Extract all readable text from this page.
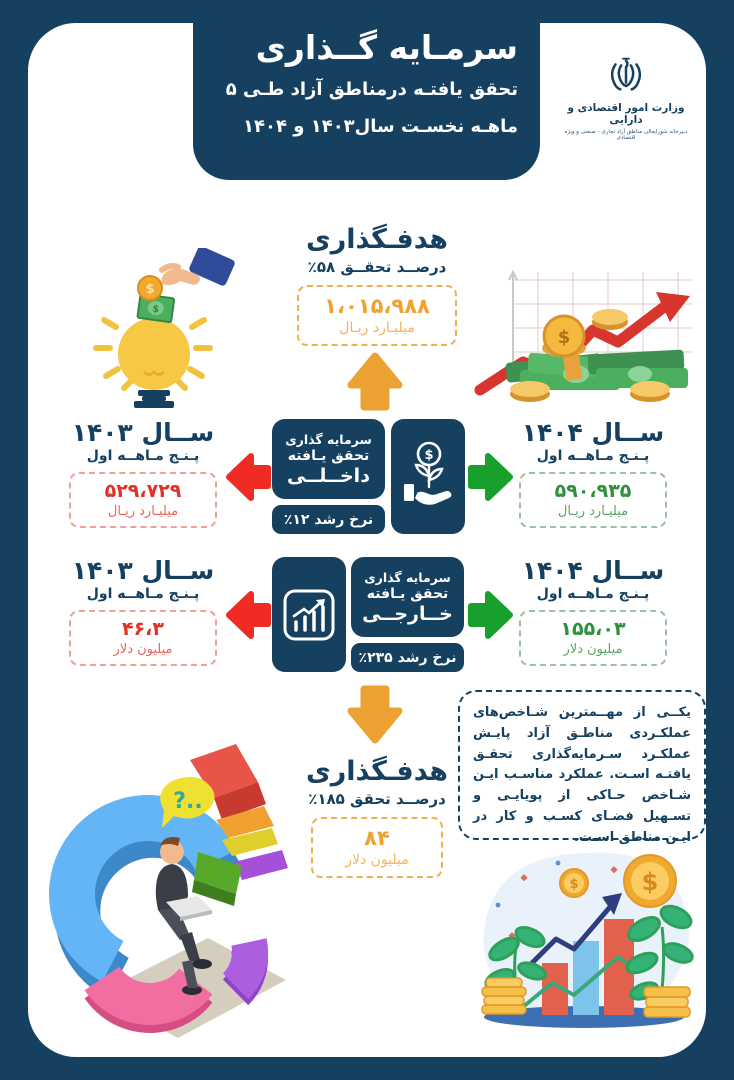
سرمـایه گــذاری
تحقق یافتـه درمناطق آزاد طـی ۵
ماهـه نخسـت سال۱۴۰۳ و ۱۴۰۴
وزارت امور اقتصادی و دارایی
دبیرخانه شورایعالی مناطق آزاد تجاری - صنعتی و ویژه اقتصادی
هدفـگذاری
درصــد تحقــق ۵۸٪
۱،۰۱۵،۹۸۸
میلیـارد ریـال
$
$
$
ســال ۱۴۰۳
پـنـج مـاهــه اول
۵۲۹،۷۲۹
میلیـارد ریـال
سرمایه گذاری
تحقق یـافته
داخــلــی
نرخ رشد ۱۲٪
$
ســال ۱۴۰۴
پـنـج مـاهــه اول
۵۹۰،۹۳۵
میلیـارد ریـال
ســال ۱۴۰۳
پـنـج مـاهــه اول
۴۶،۳
میلیون دلار
سرمایه گذاری
تحقق یـافته
خــارجــی
نرخ رشد ۲۳۵٪
ســال ۱۴۰۴
پـنـج مـاهــه اول
۱۵۵،۰۳
میلیون دلار
هدفـگذاری
درصــد تحقق ۱۸۵٪
۸۴
میلیون دلار
یکــی از مهــمترین شـاخص‌های عملکـردی مناطـق آزاد پایـش عملکـرد سـرمایه‌گذاری تحقـق یافتـه اسـت. عملکرد مناسـب ایـن شـاخص حـاکی از پویایـی و تسـهیل فضـای کسـب و کار در ایـن مناطق اسـت.
?..
$
$
